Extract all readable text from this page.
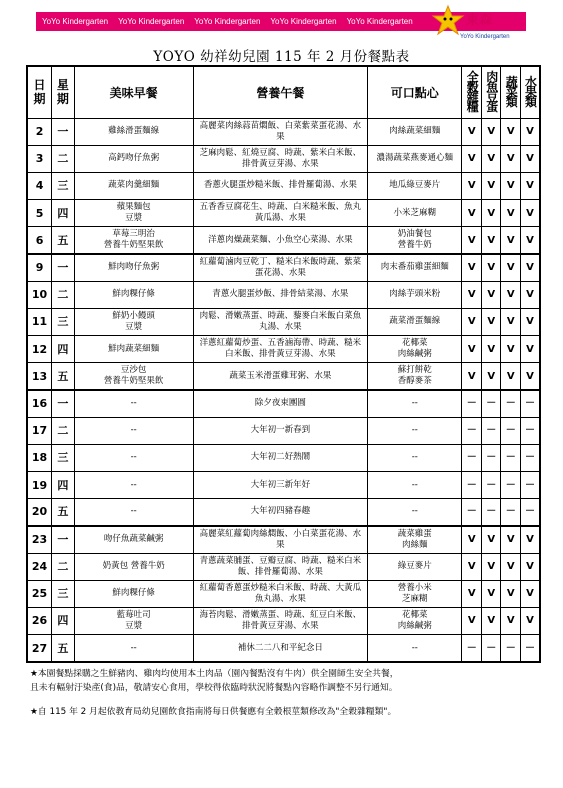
YoYo Kindergarten YoYo Kindergarten YoYo Kindergarten YoYo Kindergarten YoYo Kindergarten	東森
YoYo Kindergarten
YOYO 幼祥幼兒園 115 年 2 月份餐點表
日期	星期	美味早餐	營養午餐	可口點心	全穀雜糧	肉魚豆蛋	蔬菜類	水果類
2	一	雞絲滑蛋麵線	高麗菜肉絲蒜苗燜飯、白菜紫菜蛋花湯、水果	肉絲蔬菜細麵	V	V	V	V
3	二	高鈣吻仔魚粥	芝麻肉鬆、紅燒豆腐、時蔬、紫米白米飯、排骨黃豆芽湯、水果	濃湯蔬菜燕麥通心麵	V	V	V	V
4	三	蔬菜肉羹細麵	香蔥火腿蛋炒糙米飯、排骨羅蔔湯、水果	地瓜綠豆麥片	V	V	V	V
5	四	蘋果麵包
豆漿	五香香豆腐花生、時蔬、白米糙米飯、魚丸黃瓜湯、水果	小米芝麻糊	V	V	V	V
6	五	草莓三明治
營養牛奶堅果飲	洋蔥肉燥蔬菜麵、小魚空心菜湯、水果	奶油餐包
營養牛奶	V	V	V	V
9	一	鮮肉吻仔魚粥	紅蘿蔔滷肉豆乾丁、糙米白米飯時蔬、紫菜蛋花湯、水果	肉末番茄雞蛋細麵	V	V	V	V
10	二	鮮肉粿仔條	青蔥火腿蛋炒飯、排骨結菜湯、水果	肉絲芋頭米粉	V	V	V	V
11	三	鮮奶小饅頭
豆漿	肉鬆、滑嫩蒸蛋、時蔬、藜麥白米飯白菜魚丸湯、水果	蔬菜滑蛋麵線	V	V	V	V
12	四	鮮肉蔬菜細麵	洋蔥紅蘿蔔炒蛋、五香滷海帶、時蔬、糙米白米飯、排骨黃豆芽湯、水果	花椰菜
肉絲鹹粥	V	V	V	V
13	五	豆沙包
營養牛奶堅果飲	蔬菜玉米滑蛋雞茸粥、水果	蘇打餅乾
香醇麥茶	V	V	V	V
16	一	--	除夕夜束團圓	--	－	－	－	－
17	二	--	大年初一新春到	--	－	－	－	－
18	三	--	大年初二好熱鬧	--	－	－	－	－
19	四	--	大年初三新年好	--	－	－	－	－
20	五	--	大年初四豬春趣	--	－	－	－	－
23	一	吻仔魚蔬菜鹹粥	高麗菜紅蘿蔔肉絲燜飯、小白菜蛋花湯、水果	蔬菜雞蛋
肉絲麵	V	V	V	V
24	二	奶黃包 營養牛奶	青蔥蔬菜脯蛋、豆瓣豆腐、時蔬、糙米白米飯、排骨羅蔔湯、水果	綠豆麥片	V	V	V	V
25	三	鮮肉粿仔條	紅蘿蔔香蔥蛋炒糙米白米飯、時蔬、大黃瓜魚丸湯、水果	營養小米
芝麻糊	V	V	V	V
26	四	藍莓吐司
豆漿	海苔肉鬆、滑嫩蒸蛋、時蔬、紅豆白米飯、排骨黃豆芽湯、水果	花椰菜
肉絲鹹粥	V	V	V	V
27	五	--	補休二二八和平紀念日	--	－	－	－	－

★本園餐點採購之生鮮豬肉、雞肉均使用本土肉品（園內餐點沒有牛肉）供全園師生安全共餐，

且未有輻射汙染產(食)品，敬請安心食用，學校得依臨時狀況將餐點內容略作調整不另行通知。

★自 115 年 2 月起依教育局幼兒園飲食指南將每日供餐應有全穀根莖類修改為"全穀雜糧類"。
